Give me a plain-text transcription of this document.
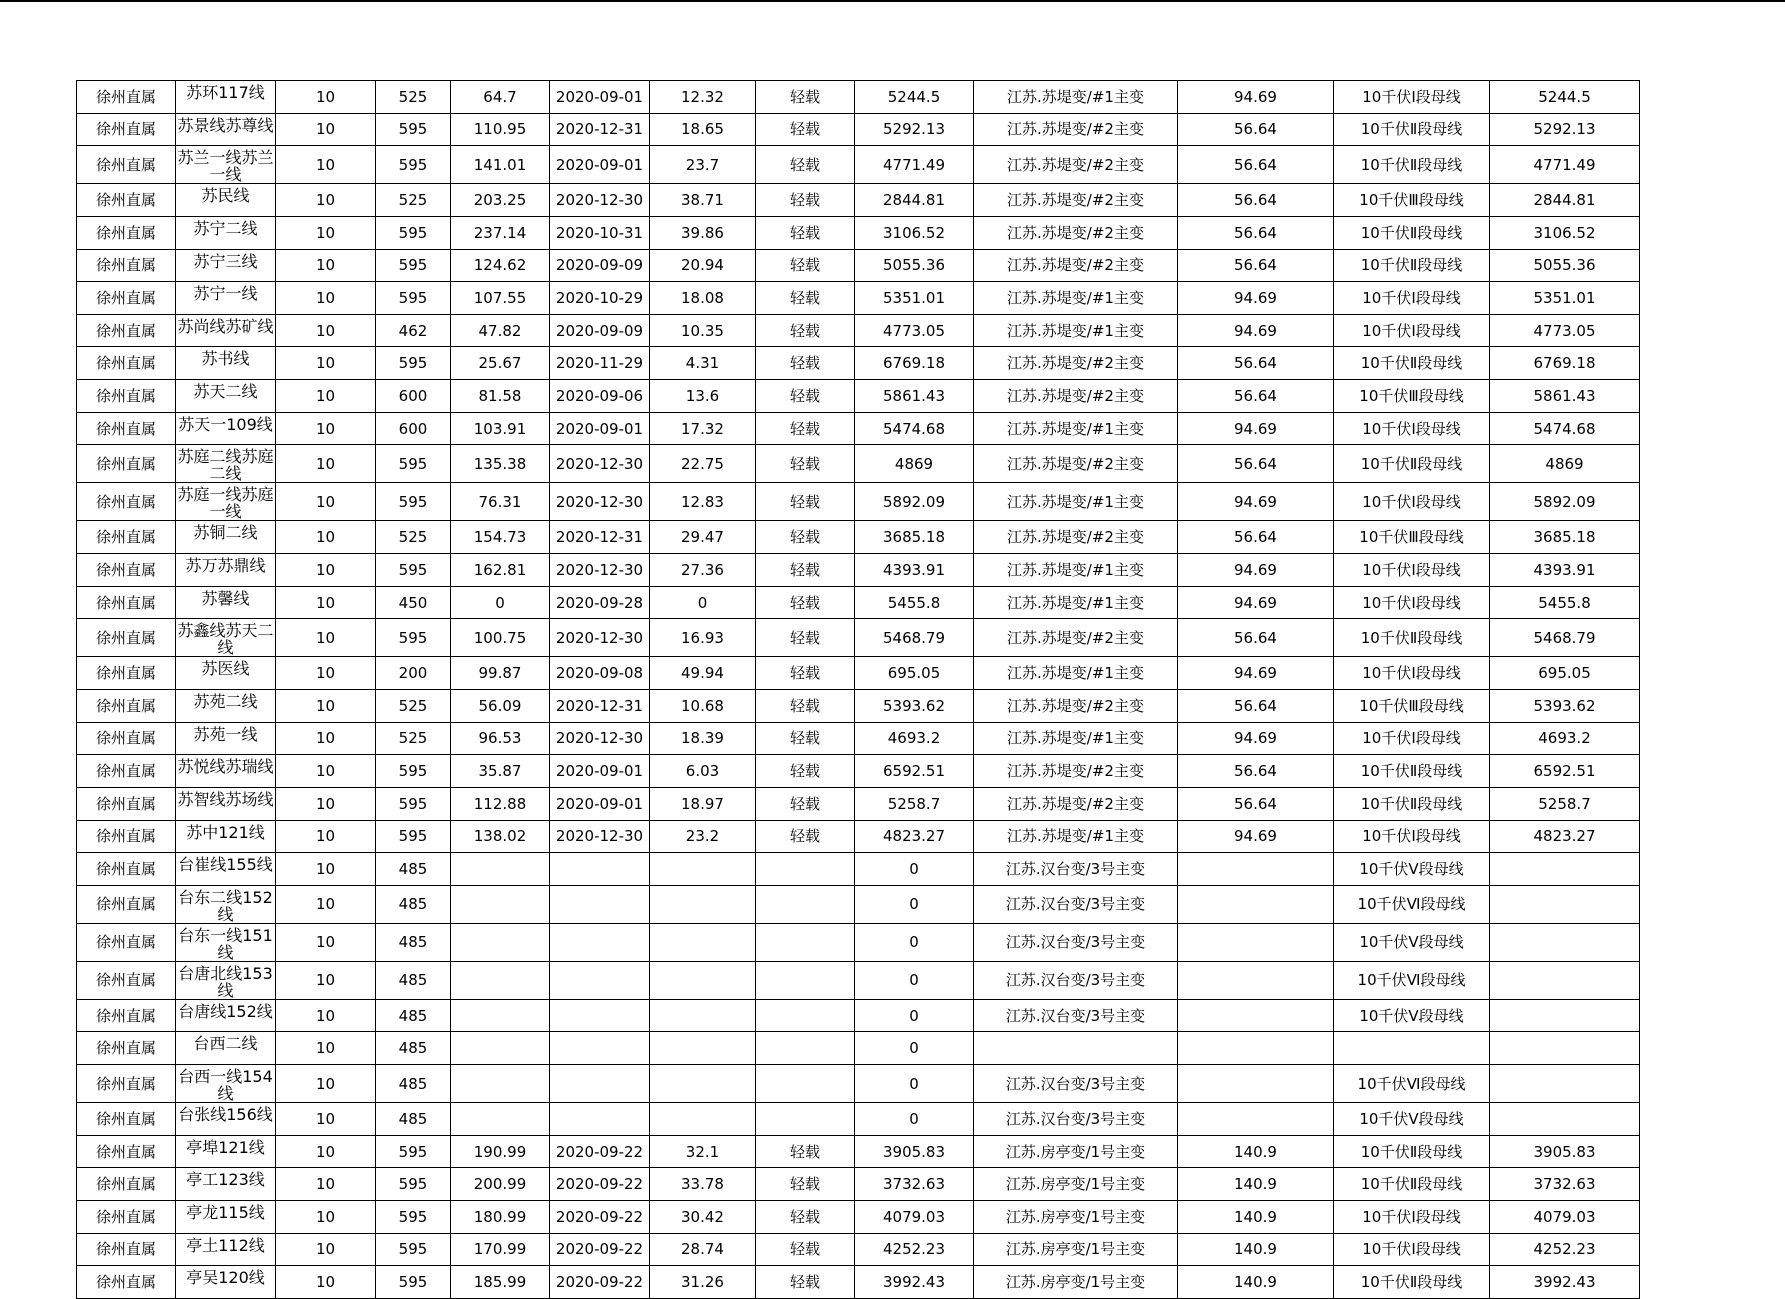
徐州直属	苏环117线	10	525	64.7	2020-09-01	12.32	轻载	5244.5	江苏.苏堤变/#1主变	94.69	10千伏Ⅰ段母线	5244.5
徐州直属	苏景线苏尊线	10	595	110.95	2020-12-31	18.65	轻载	5292.13	江苏.苏堤变/#2主变	56.64	10千伏Ⅱ段母线	5292.13
徐州直属	苏兰一线苏兰一线	10	595	141.01	2020-09-01	23.7	轻载	4771.49	江苏.苏堤变/#2主变	56.64	10千伏Ⅱ段母线	4771.49
徐州直属	苏民线	10	525	203.25	2020-12-30	38.71	轻载	2844.81	江苏.苏堤变/#2主变	56.64	10千伏Ⅲ段母线	2844.81
徐州直属	苏宁二线	10	595	237.14	2020-10-31	39.86	轻载	3106.52	江苏.苏堤变/#2主变	56.64	10千伏Ⅱ段母线	3106.52
徐州直属	苏宁三线	10	595	124.62	2020-09-09	20.94	轻载	5055.36	江苏.苏堤变/#2主变	56.64	10千伏Ⅱ段母线	5055.36
徐州直属	苏宁一线	10	595	107.55	2020-10-29	18.08	轻载	5351.01	江苏.苏堤变/#1主变	94.69	10千伏Ⅰ段母线	5351.01
徐州直属	苏尚线苏矿线	10	462	47.82	2020-09-09	10.35	轻载	4773.05	江苏.苏堤变/#1主变	94.69	10千伏Ⅰ段母线	4773.05
徐州直属	苏书线	10	595	25.67	2020-11-29	4.31	轻载	6769.18	江苏.苏堤变/#2主变	56.64	10千伏Ⅱ段母线	6769.18
徐州直属	苏天二线	10	600	81.58	2020-09-06	13.6	轻载	5861.43	江苏.苏堤变/#2主变	56.64	10千伏Ⅲ段母线	5861.43
徐州直属	苏天一109线	10	600	103.91	2020-09-01	17.32	轻载	5474.68	江苏.苏堤变/#1主变	94.69	10千伏Ⅰ段母线	5474.68
徐州直属	苏庭二线苏庭二线	10	595	135.38	2020-12-30	22.75	轻载	4869	江苏.苏堤变/#2主变	56.64	10千伏Ⅱ段母线	4869
徐州直属	苏庭一线苏庭一线	10	595	76.31	2020-12-30	12.83	轻载	5892.09	江苏.苏堤变/#1主变	94.69	10千伏Ⅰ段母线	5892.09
徐州直属	苏铜二线	10	525	154.73	2020-12-31	29.47	轻载	3685.18	江苏.苏堤变/#2主变	56.64	10千伏Ⅲ段母线	3685.18
徐州直属	苏万苏鼎线	10	595	162.81	2020-12-30	27.36	轻载	4393.91	江苏.苏堤变/#1主变	94.69	10千伏Ⅰ段母线	4393.91
徐州直属	苏馨线	10	450	0	2020-09-28	0	轻载	5455.8	江苏.苏堤变/#1主变	94.69	10千伏Ⅰ段母线	5455.8
徐州直属	苏鑫线苏天二线	10	595	100.75	2020-12-30	16.93	轻载	5468.79	江苏.苏堤变/#2主变	56.64	10千伏Ⅱ段母线	5468.79
徐州直属	苏医线	10	200	99.87	2020-09-08	49.94	轻载	695.05	江苏.苏堤变/#1主变	94.69	10千伏Ⅰ段母线	695.05
徐州直属	苏苑二线	10	525	56.09	2020-12-31	10.68	轻载	5393.62	江苏.苏堤变/#2主变	56.64	10千伏Ⅲ段母线	5393.62
徐州直属	苏苑一线	10	525	96.53	2020-12-30	18.39	轻载	4693.2	江苏.苏堤变/#1主变	94.69	10千伏Ⅰ段母线	4693.2
徐州直属	苏悦线苏瑞线	10	595	35.87	2020-09-01	6.03	轻载	6592.51	江苏.苏堤变/#2主变	56.64	10千伏Ⅱ段母线	6592.51
徐州直属	苏智线苏场线	10	595	112.88	2020-09-01	18.97	轻载	5258.7	江苏.苏堤变/#2主变	56.64	10千伏Ⅱ段母线	5258.7
徐州直属	苏中121线	10	595	138.02	2020-12-30	23.2	轻载	4823.27	江苏.苏堤变/#1主变	94.69	10千伏Ⅰ段母线	4823.27
徐州直属	台崔线155线	10	485					0	江苏.汉台变/3号主变		10千伏Ⅴ段母线	
徐州直属	台东二线152线	10	485					0	江苏.汉台变/3号主变		10千伏Ⅵ段母线	
徐州直属	台东一线151线	10	485					0	江苏.汉台变/3号主变		10千伏Ⅴ段母线	
徐州直属	台唐北线153线	10	485					0	江苏.汉台变/3号主变		10千伏Ⅵ段母线	
徐州直属	台唐线152线	10	485					0	江苏.汉台变/3号主变		10千伏Ⅴ段母线	
徐州直属	台西二线	10	485					0				
徐州直属	台西一线154线	10	485					0	江苏.汉台变/3号主变		10千伏Ⅵ段母线	
徐州直属	台张线156线	10	485					0	江苏.汉台变/3号主变		10千伏Ⅴ段母线	
徐州直属	亭埠121线	10	595	190.99	2020-09-22	32.1	轻载	3905.83	江苏.房亭变/1号主变	140.9	10千伏Ⅱ段母线	3905.83
徐州直属	亭工123线	10	595	200.99	2020-09-22	33.78	轻载	3732.63	江苏.房亭变/1号主变	140.9	10千伏Ⅱ段母线	3732.63
徐州直属	亭龙115线	10	595	180.99	2020-09-22	30.42	轻载	4079.03	江苏.房亭变/1号主变	140.9	10千伏Ⅰ段母线	4079.03
徐州直属	亭土112线	10	595	170.99	2020-09-22	28.74	轻载	4252.23	江苏.房亭变/1号主变	140.9	10千伏Ⅰ段母线	4252.23
徐州直属	亭吴120线	10	595	185.99	2020-09-22	31.26	轻载	3992.43	江苏.房亭变/1号主变	140.9	10千伏Ⅱ段母线	3992.43
